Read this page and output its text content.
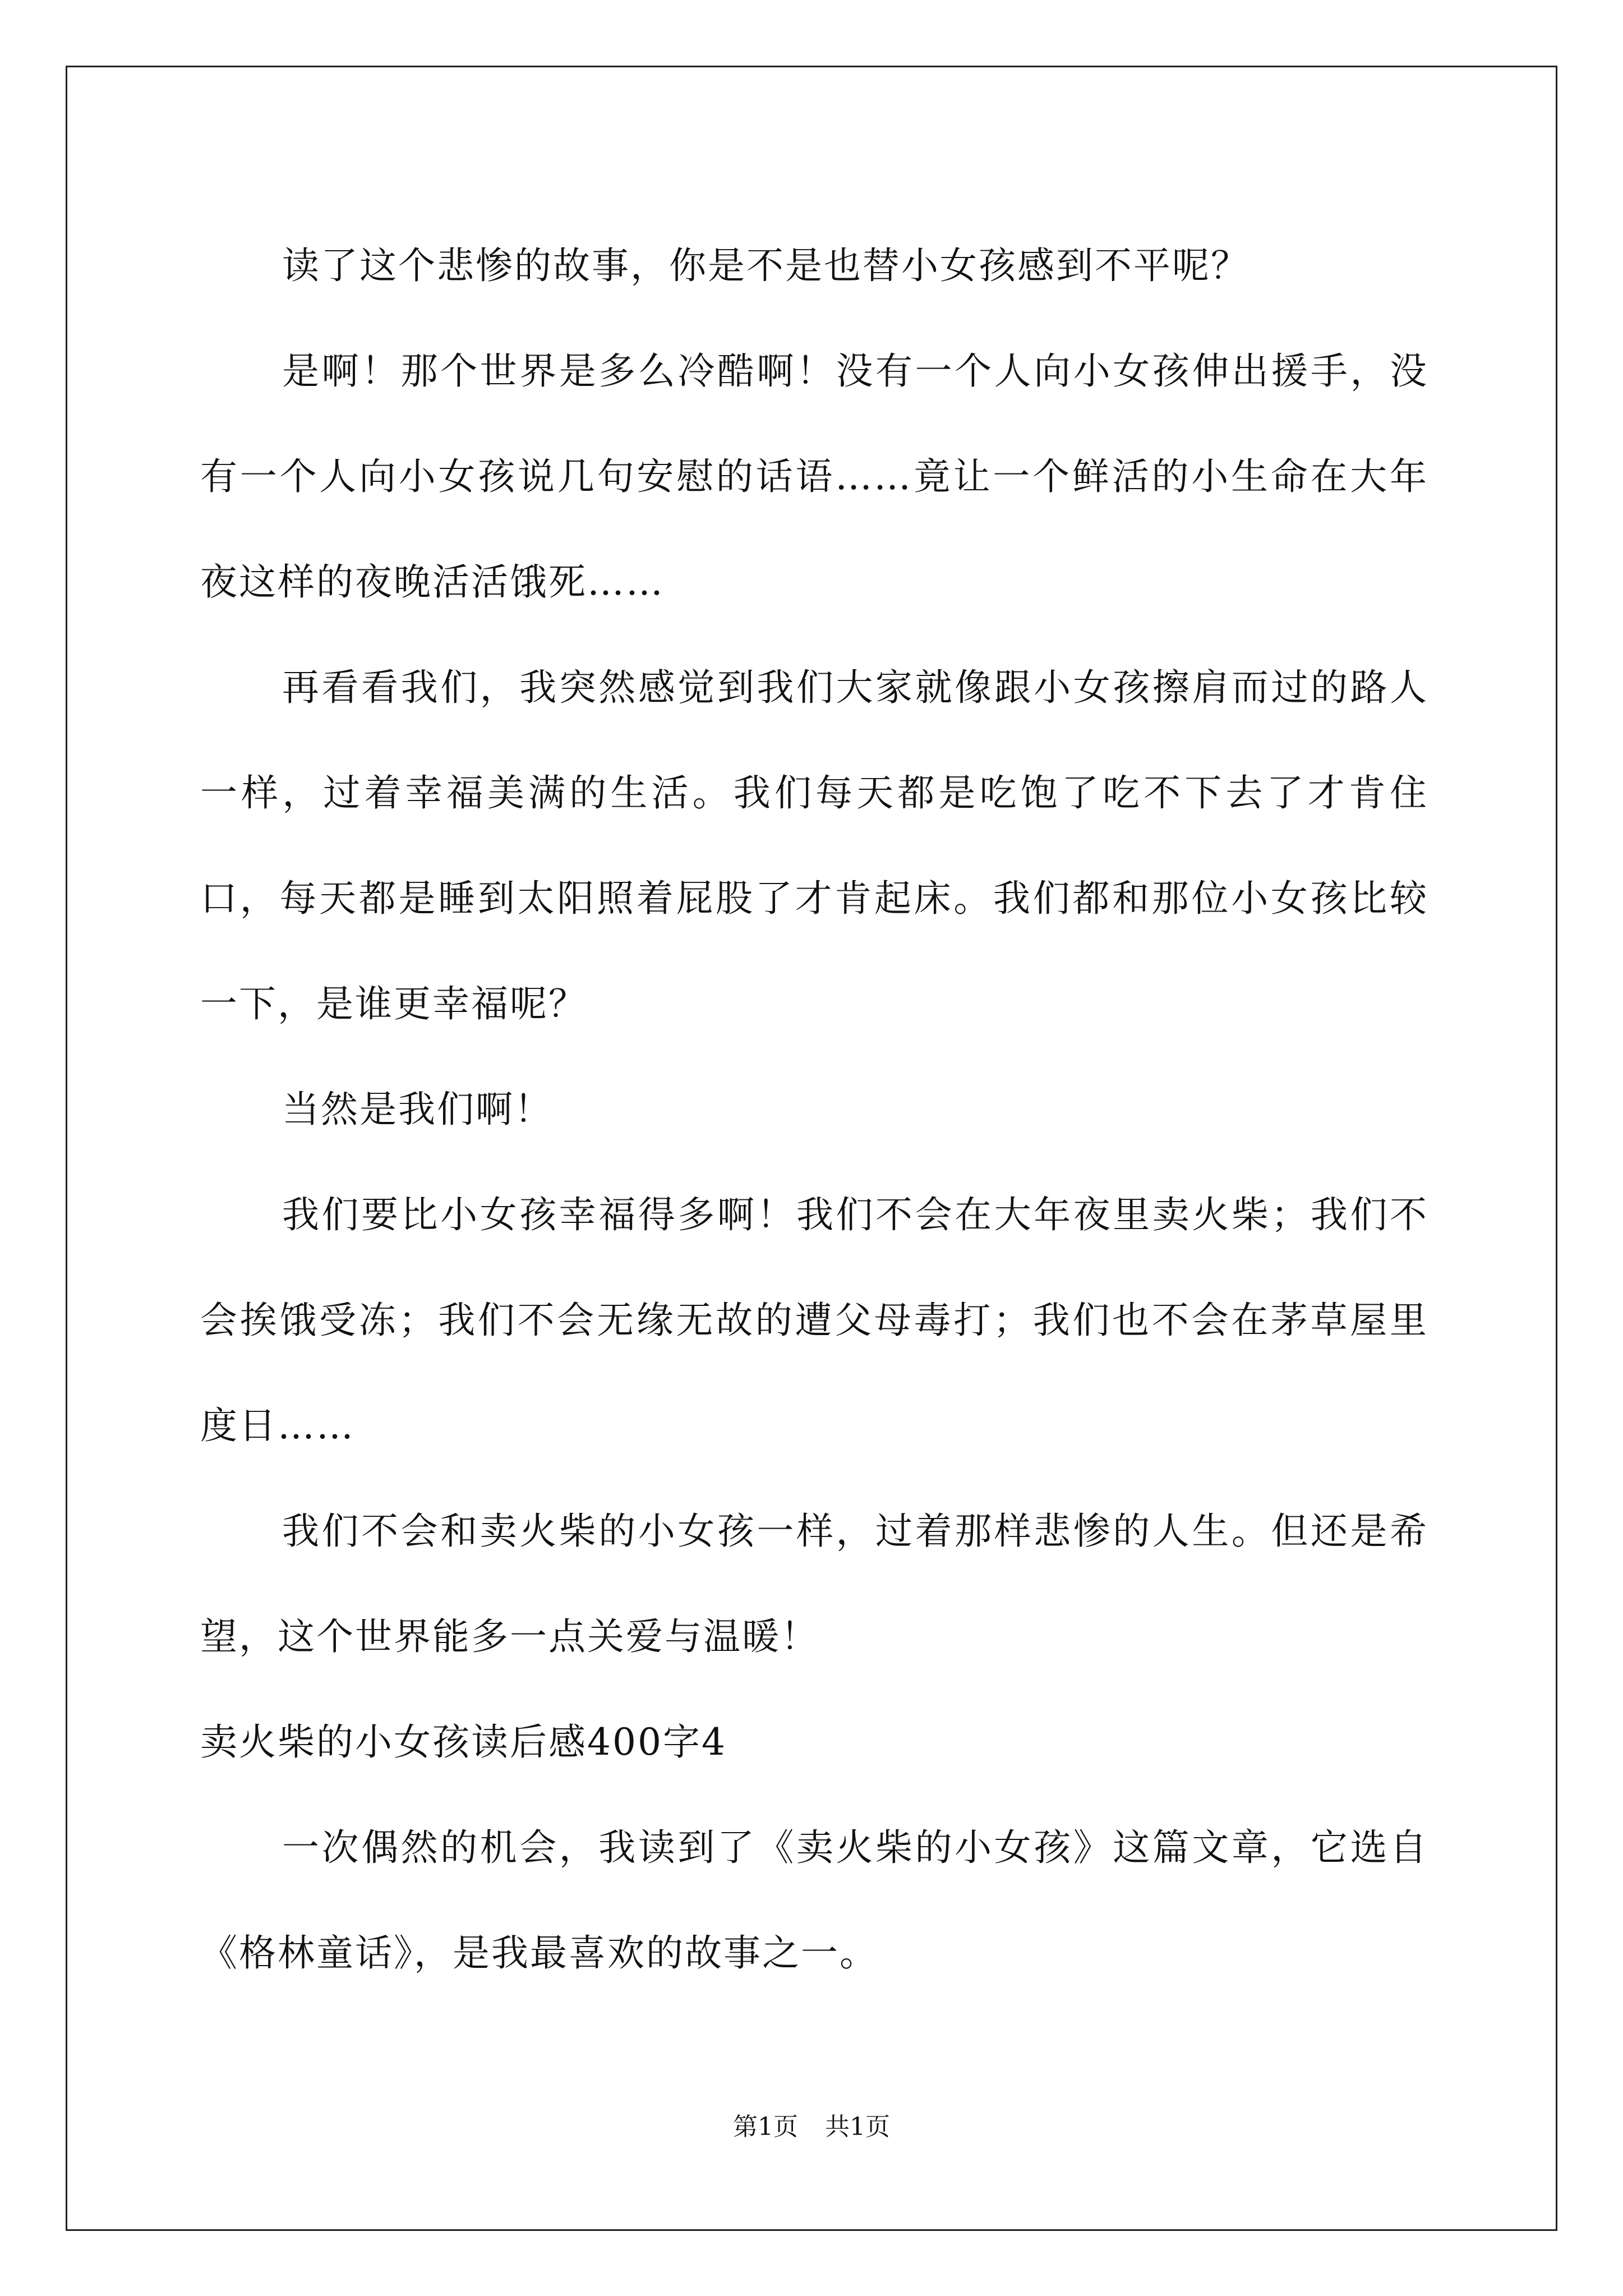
读了这个悲惨的故事，你是不是也替小女孩感到不平呢？

是啊！那个世界是多么冷酷啊！没有一个人向小女孩伸出援手，没有一个人向小女孩说几句安慰的话语……竟让一个鲜活的小生命在大年夜这样的夜晚活活饿死……

再看看我们，我突然感觉到我们大家就像跟小女孩擦肩而过的路人一样，过着幸福美满的生活。我们每天都是吃饱了吃不下去了才肯住口，每天都是睡到太阳照着屁股了才肯起床。我们都和那位小女孩比较一下，是谁更幸福呢？

当然是我们啊！

我们要比小女孩幸福得多啊！我们不会在大年夜里卖火柴；我们不会挨饿受冻；我们不会无缘无故的遭父母毒打；我们也不会在茅草屋里度日……

我们不会和卖火柴的小女孩一样，过着那样悲惨的人生。但还是希望，这个世界能多一点关爱与温暖！

卖火柴的小女孩读后感400字4

一次偶然的机会，我读到了《卖火柴的小女孩》这篇文章，它选自《格林童话》，是我最喜欢的故事之一。

第1页 共1页
